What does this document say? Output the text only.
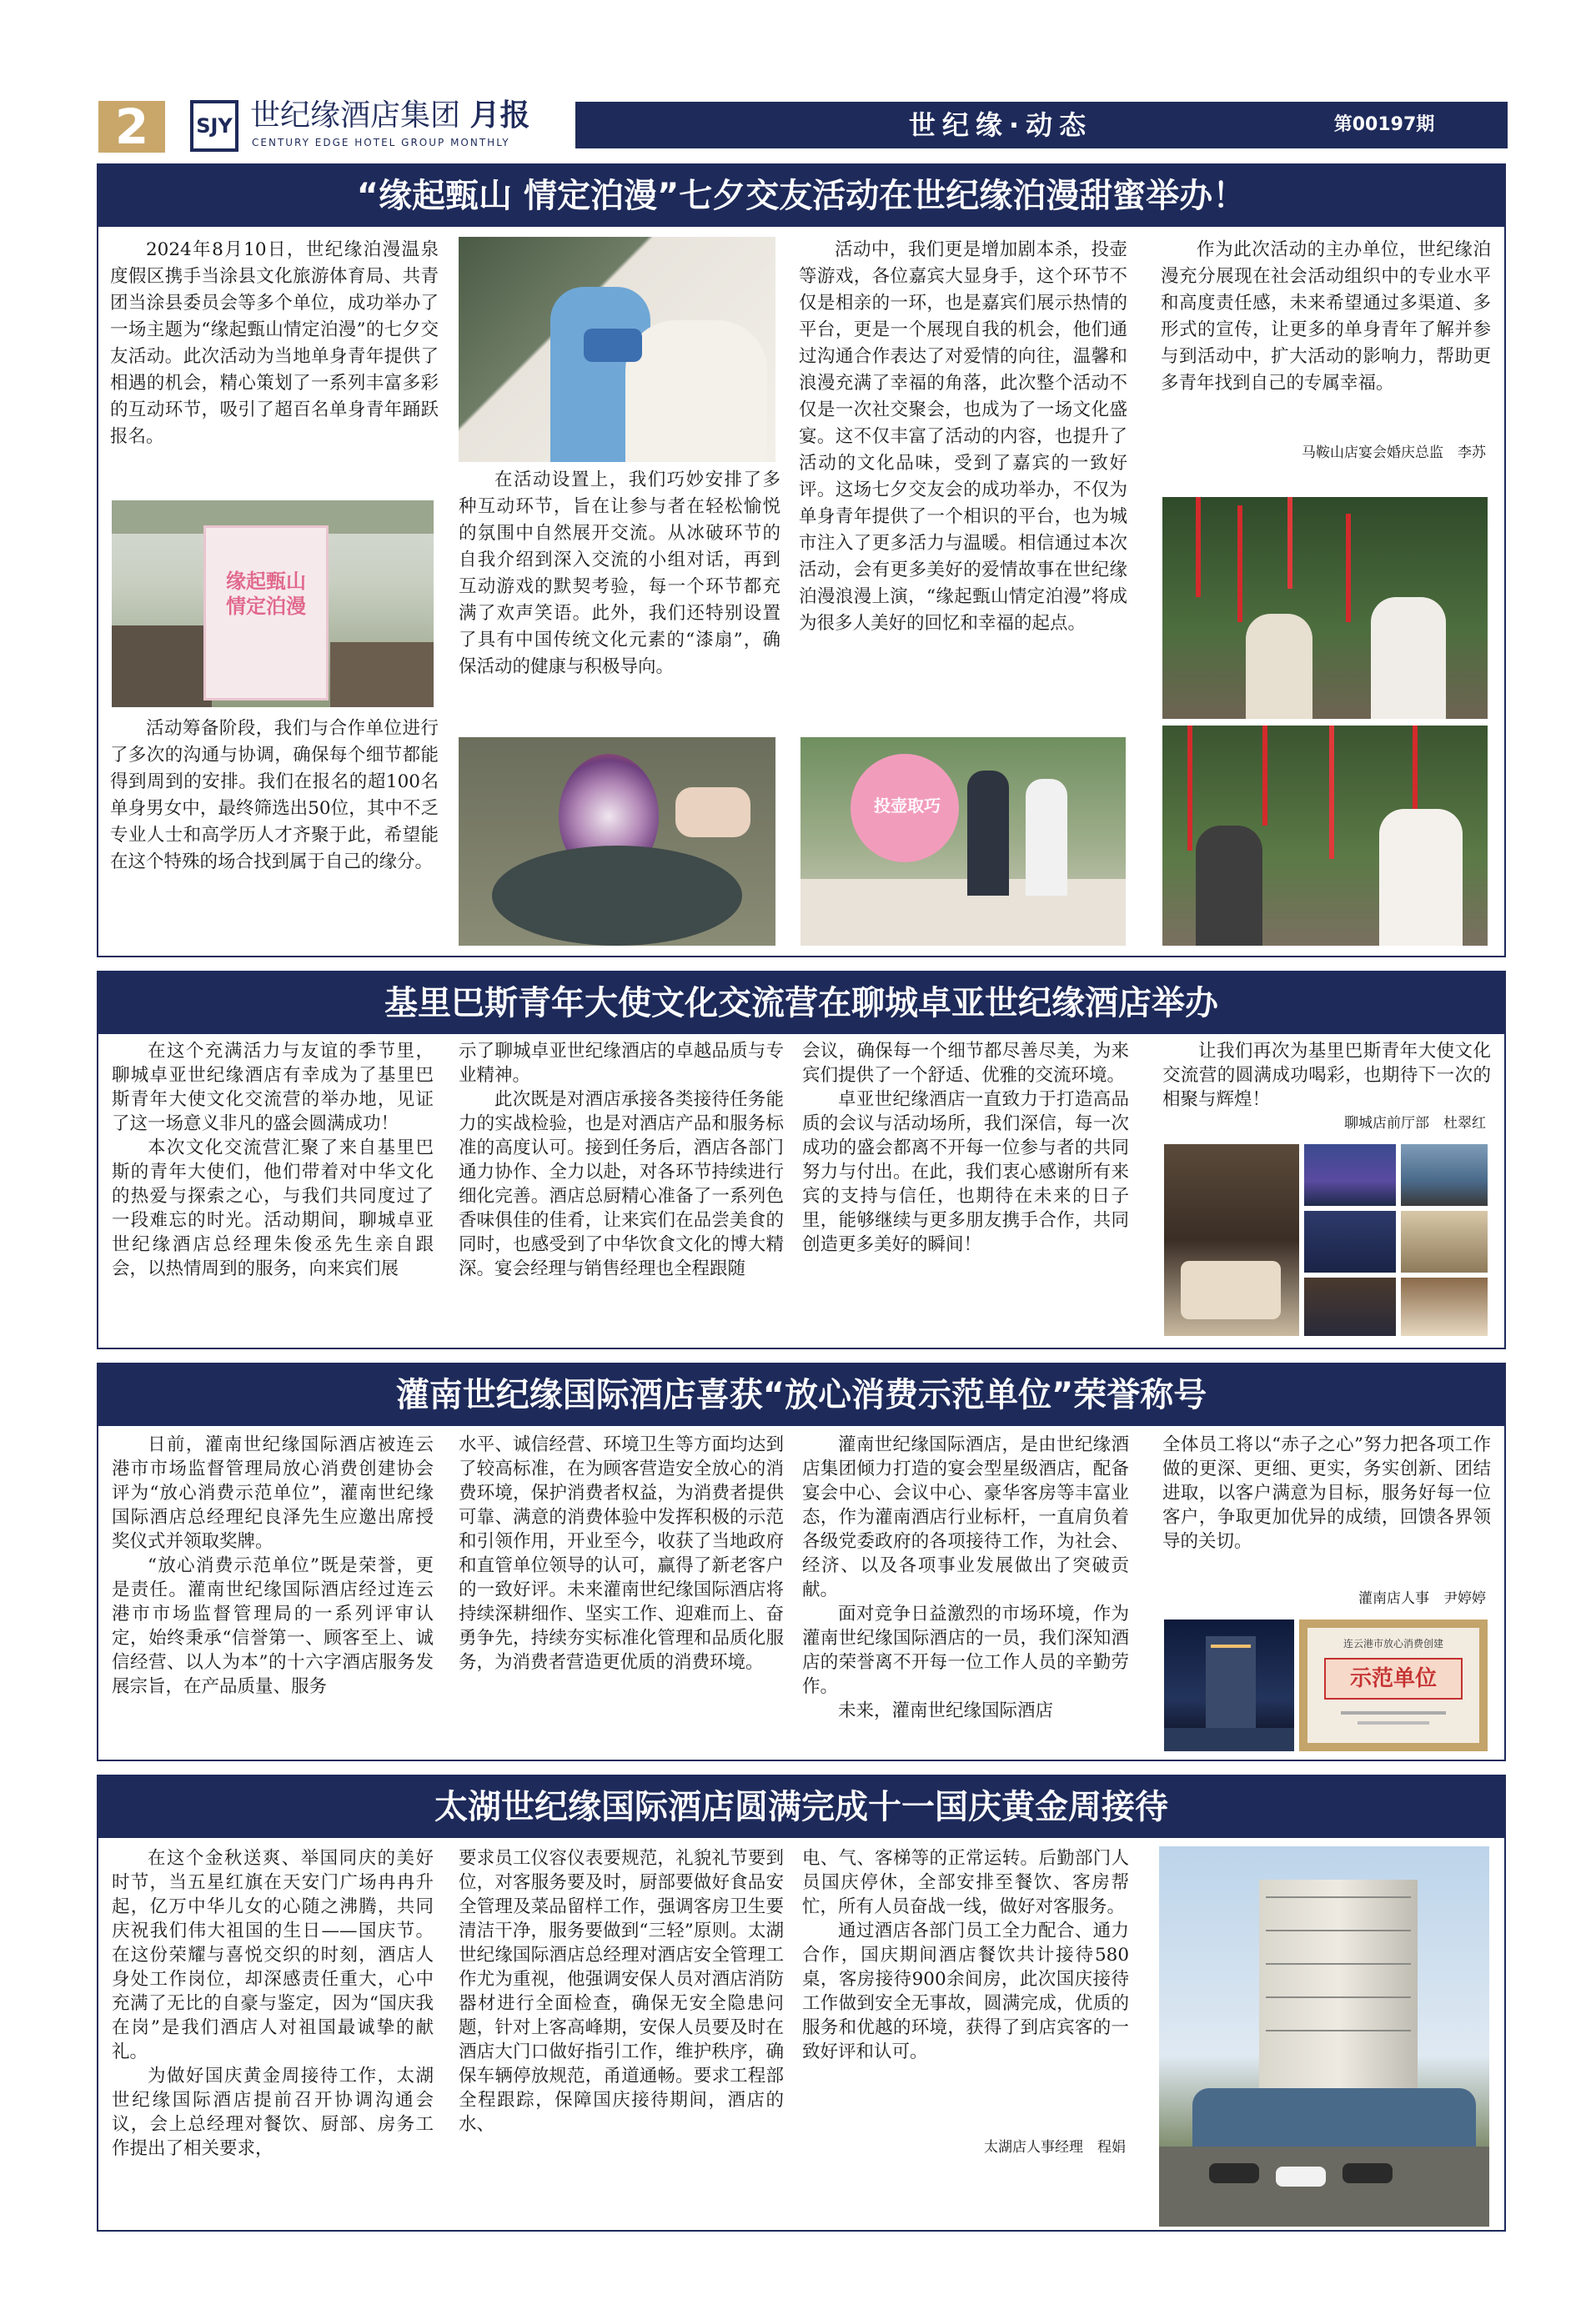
2	SJY 世纪缘酒店集团 月报
CENTURY EDGE HOTEL GROUP MONTHLY
世纪缘·动态	第00197期
“缘起甄山 情定泊漫”七夕交友活动在世纪缘泊漫甜蜜举办！

2024年8月10日，世纪缘泊漫温泉度假区携手当涂县文化旅游体育局、共青团当涂县委员会等多个单位，成功举办了一场主题为“缘起甄山情定泊漫”的七夕交友活动。此次活动为当地单身青年提供了相遇的机会，精心策划了一系列丰富多彩的互动环节，吸引了超百名单身青年踊跃报名。

缘起甄山
情定泊漫

活动筹备阶段，我们与合作单位进行了多次的沟通与协调，确保每个细节都能得到周到的安排。我们在报名的超100名单身男女中，最终筛选出50位，其中不乏专业人士和高学历人才齐聚于此，希望能在这个特殊的场合找到属于自己的缘分。

在活动设置上，我们巧妙安排了多种互动环节，旨在让参与者在轻松愉悦的氛围中自然展开交流。从冰破环节的自我介绍到深入交流的小组对话，再到互动游戏的默契考验，每一个环节都充满了欢声笑语。此外，我们还特别设置了具有中国传统文化元素的“漆扇”，确保活动的健康与积极导向。

活动中，我们更是增加剧本杀，投壶等游戏，各位嘉宾大显身手，这个环节不仅是相亲的一环，也是嘉宾们展示热情的平台，更是一个展现自我的机会，他们通过沟通合作表达了对爱情的向往，温馨和浪漫充满了幸福的角落，此次整个活动不仅是一次社交聚会，也成为了一场文化盛宴。这不仅丰富了活动的内容，也提升了活动的文化品味，受到了嘉宾的一致好评。这场七夕交友会的成功举办，不仅为单身青年提供了一个相识的平台，也为城市注入了更多活力与温暖。相信通过本次活动，会有更多美好的爱情故事在世纪缘泊漫浪漫上演，“缘起甄山情定泊漫”将成为很多人美好的回忆和幸福的起点。

投壶取巧

作为此次活动的主办单位，世纪缘泊漫充分展现在社会活动组织中的专业水平和高度责任感，未来希望通过多渠道、多形式的宣传，让更多的单身青年了解并参与到活动中，扩大活动的影响力，帮助更多青年找到自己的专属幸福。

马鞍山店宴会婚庆总监　李苏
基里巴斯青年大使文化交流营在聊城卓亚世纪缘酒店举办

在这个充满活力与友谊的季节里，聊城卓亚世纪缘酒店有幸成为了基里巴斯青年大使文化交流营的举办地，见证了这一场意义非凡的盛会圆满成功！

本次文化交流营汇聚了来自基里巴斯的青年大使们，他们带着对中华文化的热爱与探索之心，与我们共同度过了一段难忘的时光。活动期间，聊城卓亚世纪缘酒店总经理朱俊丞先生亲自跟会，以热情周到的服务，向来宾们展

示了聊城卓亚世纪缘酒店的卓越品质与专业精神。

此次既是对酒店承接各类接待任务能力的实战检验，也是对酒店产品和服务标准的高度认可。接到任务后，酒店各部门通力协作、全力以赴，对各环节持续进行细化完善。酒店总厨精心准备了一系列色香味俱佳的佳肴，让来宾们在品尝美食的同时，也感受到了中华饮食文化的博大精深。宴会经理与销售经理也全程跟随

会议，确保每一个细节都尽善尽美，为来宾们提供了一个舒适、优雅的交流环境。

卓亚世纪缘酒店一直致力于打造高品质的会议与活动场所，我们深信，每一次成功的盛会都离不开每一位参与者的共同努力与付出。在此，我们衷心感谢所有来宾的支持与信任，也期待在未来的日子里，能够继续与更多朋友携手合作，共同创造更多美好的瞬间！

让我们再次为基里巴斯青年大使文化交流营的圆满成功喝彩，也期待下一次的相聚与辉煌！

聊城店前厅部　杜翠红
灌南世纪缘国际酒店喜获“放心消费示范单位”荣誉称号

日前，灌南世纪缘国际酒店被连云港市市场监督管理局放心消费创建协会评为“放心消费示范单位”，灌南世纪缘国际酒店总经理纪良泽先生应邀出席授奖仪式并领取奖牌。

“放心消费示范单位”既是荣誉，更是责任。灌南世纪缘国际酒店经过连云港市市场监督管理局的一系列评审认定，始终秉承“信誉第一、顾客至上、诚信经营、以人为本”的十六字酒店服务发展宗旨，在产品质量、服务

水平、诚信经营、环境卫生等方面均达到了较高标准，在为顾客营造安全放心的消费环境，保护消费者权益，为消费者提供可靠、满意的消费体验中发挥积极的示范和引领作用，开业至今，收获了当地政府和直管单位领导的认可，赢得了新老客户的一致好评。未来灌南世纪缘国际酒店将持续深耕细作、坚实工作、迎难而上、奋勇争先，持续夯实标准化管理和品质化服务，为消费者营造更优质的消费环境。

灌南世纪缘国际酒店，是由世纪缘酒店集团倾力打造的宴会型星级酒店，配备宴会中心、会议中心、豪华客房等丰富业态，作为灌南酒店行业标杆，一直肩负着各级党委政府的各项接待工作，为社会、经济、以及各项事业发展做出了突破贡献。

面对竞争日益激烈的市场环境，作为灌南世纪缘国际酒店的一员，我们深知酒店的荣誉离不开每一位工作人员的辛勤劳作。

未来，灌南世纪缘国际酒店

全体员工将以“赤子之心”努力把各项工作做的更深、更细、更实，务实创新、团结进取，以客户满意为目标，服务好每一位客户，争取更加优异的成绩，回馈各界领导的关切。
灌南店人事　尹婷婷
连云港市放心消费创建
示范单位
太湖世纪缘国际酒店圆满完成十一国庆黄金周接待

在这个金秋送爽、举国同庆的美好时节，当五星红旗在天安门广场冉冉升起，亿万中华儿女的心随之沸腾，共同庆祝我们伟大祖国的生日——国庆节。在这份荣耀与喜悦交织的时刻，酒店人身处工作岗位，却深感责任重大，心中充满了无比的自豪与鉴定，因为“国庆我在岗”是我们酒店人对祖国最诚挚的献礼。

为做好国庆黄金周接待工作，太湖世纪缘国际酒店提前召开协调沟通会议，会上总经理对餐饮、厨部、房务工作提出了相关要求，

要求员工仪容仪表要规范，礼貌礼节要到位，对客服务要及时，厨部要做好食品安全管理及菜品留样工作，强调客房卫生要清洁干净，服务要做到“三轻”原则。太湖世纪缘国际酒店总经理对酒店安全管理工作尤为重视，他强调安保人员对酒店消防器材进行全面检查，确保无安全隐患问题，针对上客高峰期，安保人员要及时在酒店大门口做好指引工作，维护秩序，确保车辆停放规范，甬道通畅。要求工程部全程跟踪，保障国庆接待期间，酒店的水、
电、气、客梯等的正常运转。后勤部门人员国庆停休，全部安排至餐饮、客房帮忙，所有人员奋战一线，做好对客服务。

通过酒店各部门员工全力配合、通力合作，国庆期间酒店餐饮共计接待580桌，客房接待900余间房，此次国庆接待工作做到安全无事故，圆满完成，优质的服务和优越的环境，获得了到店宾客的一致好评和认可。

太湖店人事经理　程娟
